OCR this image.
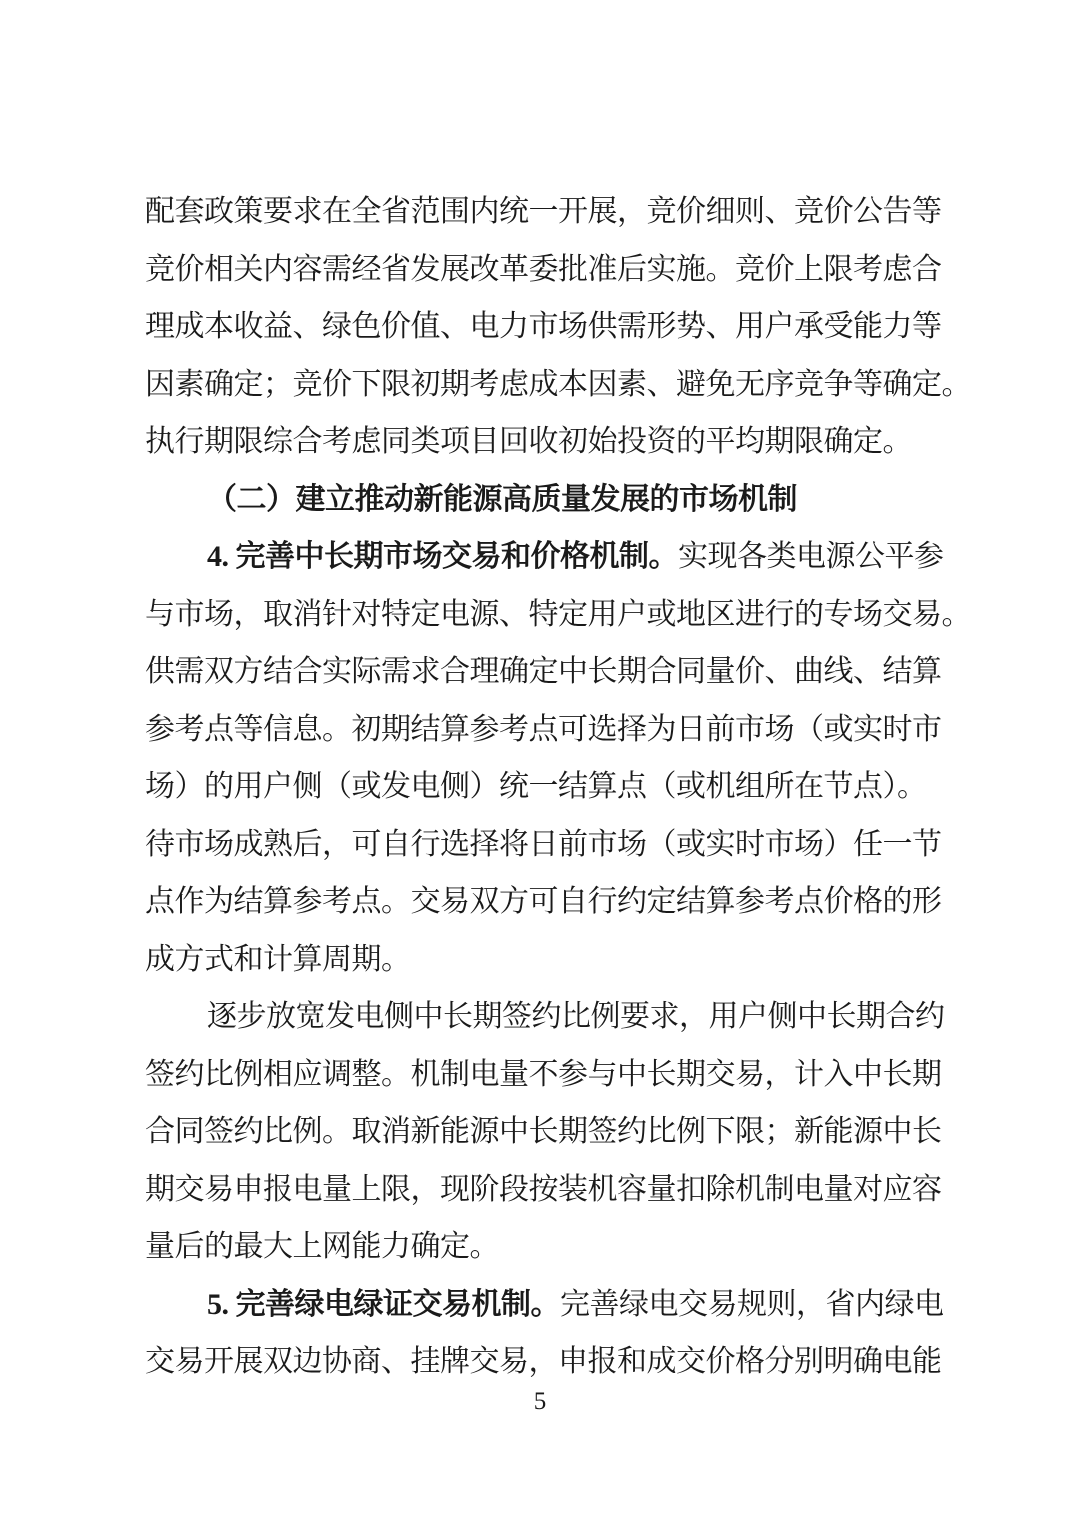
配套政策要求在全省范围内统一开展，竞价细则、竞价公告等
竞价相关内容需经省发展改革委批准后实施。竞价上限考虑合
理成本收益、绿色价值、电力市场供需形势、用户承受能力等
因素确定；竞价下限初期考虑成本因素、避免无序竞争等确定。
执行期限综合考虑同类项目回收初始投资的平均期限确定。
（二）建立推动新能源高质量发展的市场机制
4. 完善中长期市场交易和价格机制。实现各类电源公平参
与市场，取消针对特定电源、特定用户或地区进行的专场交易。
供需双方结合实际需求合理确定中长期合同量价、曲线、结算
参考点等信息。初期结算参考点可选择为日前市场（或实时市
场）的用户侧（或发电侧）统一结算点（或机组所在节点）。
待市场成熟后，可自行选择将日前市场（或实时市场）任一节
点作为结算参考点。交易双方可自行约定结算参考点价格的形
成方式和计算周期。
逐步放宽发电侧中长期签约比例要求，用户侧中长期合约
签约比例相应调整。机制电量不参与中长期交易，计入中长期
合同签约比例。取消新能源中长期签约比例下限；新能源中长
期交易申报电量上限，现阶段按装机容量扣除机制电量对应容
量后的最大上网能力确定。
5. 完善绿电绿证交易机制。完善绿电交易规则，省内绿电
交易开展双边协商、挂牌交易，申报和成交价格分别明确电能
5
